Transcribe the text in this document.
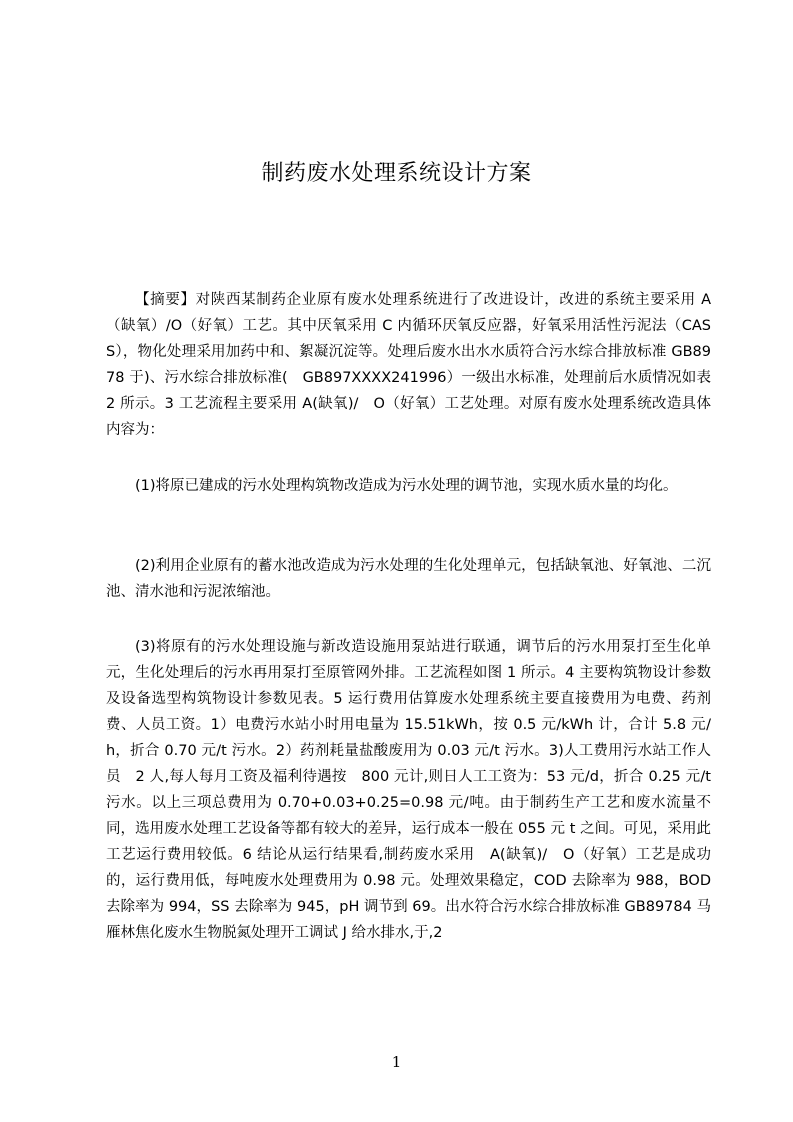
制药废水处理系统设计方案

【摘要】对陕西某制药企业原有废水处理系统进行了改进设计，改进的系统主要采用 A（缺氧）/O（好氧）工艺。其中厌氧采用 C 内循环厌氧反应器，好氧采用活性污泥法（CASS），物化处理采用加药中和、絮凝沉淀等。处理后废水出水水质符合污水综合排放标准 GB8978 于)、污水综合排放标准(　GB897XXXX241996）一级出水标准，处理前后水质情况如表 2 所示。3 工艺流程主要采用 A(缺氧)/　O（好氧）工艺处理。对原有废水处理系统改造具体内容为：

(1)将原已建成的污水处理构筑物改造成为污水处理的调节池，实现水质水量的均化。

(2)利用企业原有的蓄水池改造成为污水处理的生化处理单元，包括缺氧池、好氧池、二沉池、清水池和污泥浓缩池。

(3)将原有的污水处理设施与新改造设施用泵站进行联通，调节后的污水用泵打至生化单元，生化处理后的污水再用泵打至原管网外排。工艺流程如图 1 所示。4 主要构筑物设计参数及设备选型构筑物设计参数见表。5 运行费用估算废水处理系统主要直接费用为电费、药剂费、人员工资。1）电费污水站小时用电量为 15.51kWh，按 0.5 元/kWh 计，合计 5.8 元/h，折合 0.70 元/t 污水。2）药剂耗量盐酸废用为 0.03 元/t 污水。3)人工费用污水站工作人员　2 人,每人每月工资及福利待遇按　800 元计,则日人工工资为：53 元/d，折合 0.25 元/t 污水。以上三项总费用为 0.70+0.03+0.25=0.98 元/吨。由于制药生产工艺和废水流量不同，选用废水处理工艺设备等都有较大的差异，运行成本一般在 055 元 t 之间。可见，采用此工艺运行费用较低。6 结论从运行结果看,制药废水采用　A(缺氧)/　O（好氧）工艺是成功的，运行费用低，每吨废水处理费用为 0.98 元。处理效果稳定，COD 去除率为 988，BOD 去除率为 994，SS 去除率为 945，pH 调节到 69。出水符合污水综合排放标准 GB89784 马雁林焦化废水生物脱氮处理开工调试 J 给水排水,于,2

1
